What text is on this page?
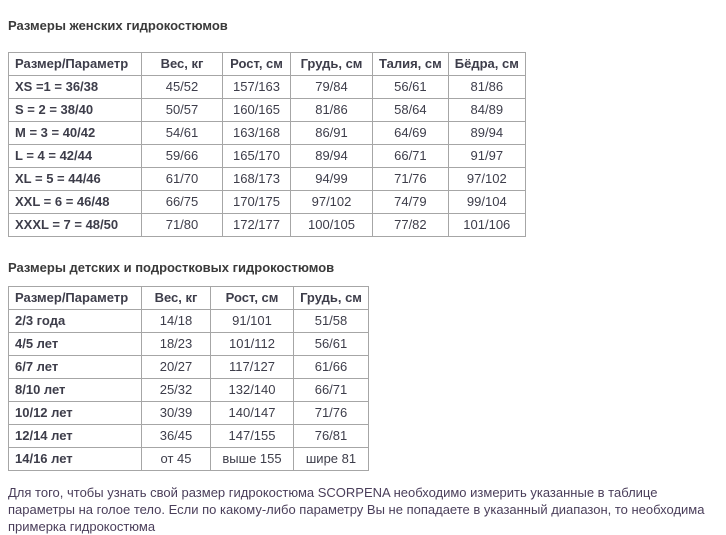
Размеры женских гидрокостюмов
Размер/Параметр	Вес, кг	Рост, см	Грудь, см	Талия, см	Бёдра, см
XS =1 = 36/38	45/52	157/163	79/84	56/61	81/86
S = 2 = 38/40	50/57	160/165	81/86	58/64	84/89
M = 3 = 40/42	54/61	163/168	86/91	64/69	89/94
L = 4 = 42/44	59/66	165/170	89/94	66/71	91/97
XL = 5 = 44/46	61/70	168/173	94/99	71/76	97/102
XXL = 6 = 46/48	66/75	170/175	97/102	74/79	99/104
XXXL = 7 = 48/50	71/80	172/177	100/105	77/82	101/106
Размеры детских и подростковых гидрокостюмов
Размер/Параметр	Вес, кг	Рост, см	Грудь, см
2/3 года	14/18	91/101	51/58
4/5 лет	18/23	101/112	56/61
6/7 лет	20/27	117/127	61/66
8/10 лет	25/32	132/140	66/71
10/12 лет	30/39	140/147	71/76
12/14 лет	36/45	147/155	76/81
14/16 лет	от 45	выше 155	шире 81

Для того, чтобы узнать свой размер гидрокостюма SCORPENA необходимо измерить указанные в таблице параметры на голое тело. Если по какому-либо параметру Вы не попадаете в указанный диапазон, то необходима примерка гидрокостюма
